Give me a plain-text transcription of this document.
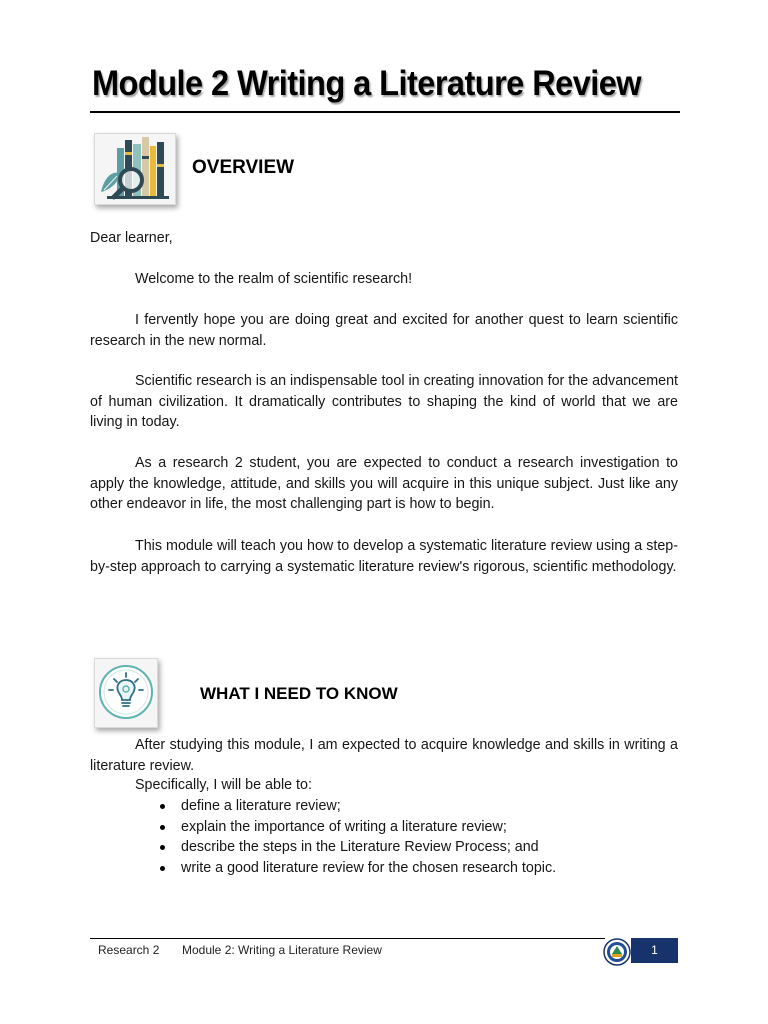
Module 2 Writing a Literature Review
OVERVIEW
Dear learner,
Welcome to the realm of scientific research!
I fervently hope you are doing great and excited for another quest to learn scientific research in the new normal.
Scientific research is an indispensable tool in creating innovation for the advancement of human civilization. It dramatically contributes to shaping the kind of world that we are living in today.
As a research 2 student, you are expected to conduct a research investigation to apply the knowledge, attitude, and skills you will acquire in this unique subject. Just like any other endeavor in life, the most challenging part is how to begin.
This module will teach you how to develop a systematic literature review using a step-by-step approach to carrying a systematic literature review's rigorous, scientific methodology.
WHAT I NEED TO KNOW
After studying this module, I am expected to acquire knowledge and skills in writing a literature review.
Specifically, I will be able to:
define a literature review;
explain the importance of writing a literature review;
describe the steps in the Literature Review Process; and
write a good literature review for the chosen research topic.
Research 2 Module 2: Writing a Literature Review	1
